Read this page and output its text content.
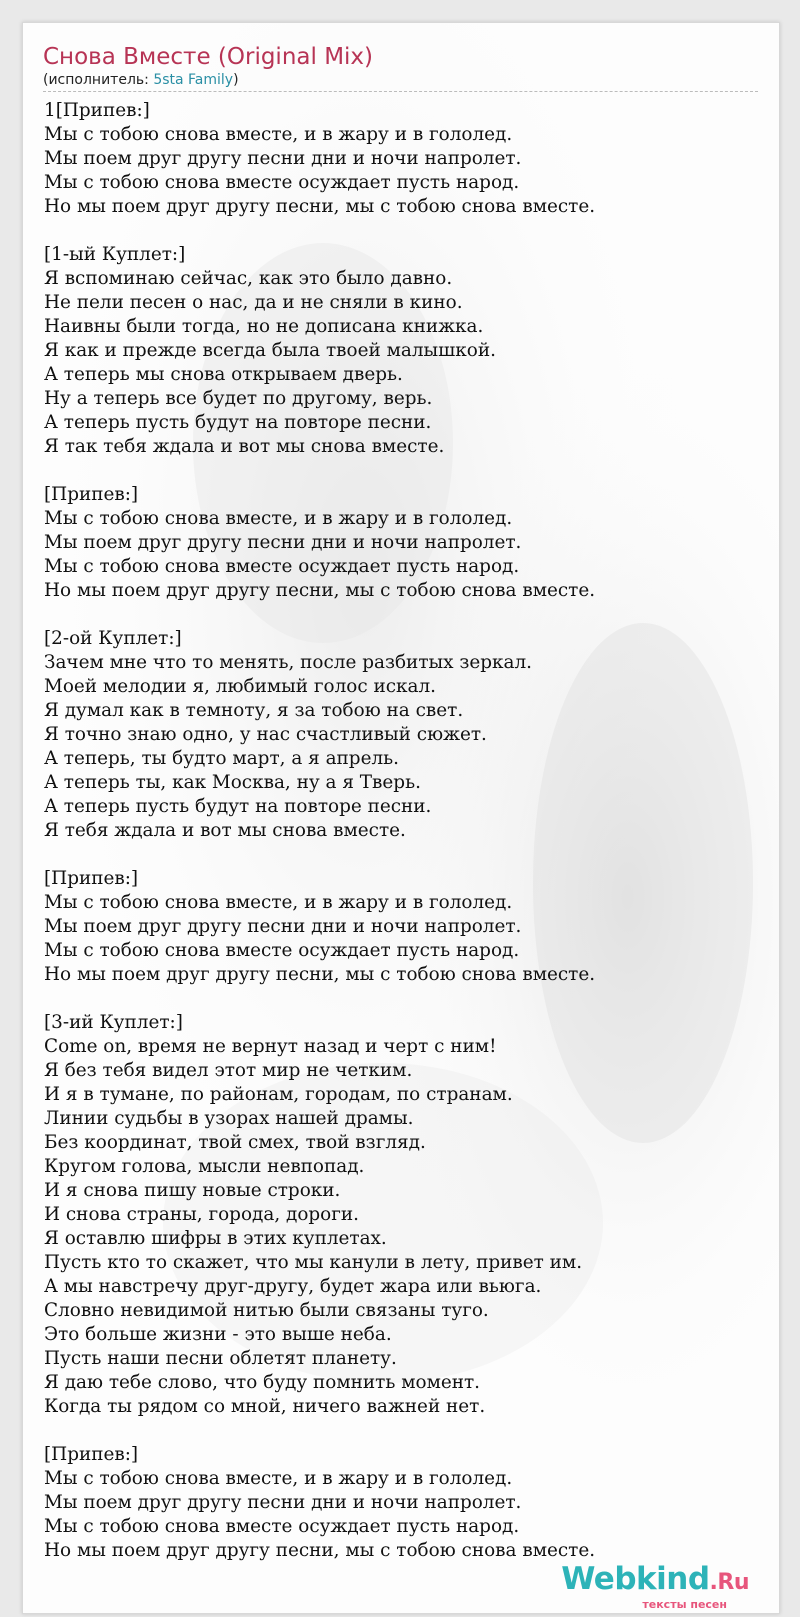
Снова Вместе (Original Mix)
(исполнитель: 5sta Family)
1[Припев:]
Мы с тобою снова вместе, и в жару и в гололед.
Мы поем друг другу песни дни и ночи напролет.
Мы с тобою снова вместе осуждает пусть народ.
Но мы поем друг другу песни, мы с тобою снова вместе.
[1-ый Куплет:]
Я вспоминаю сейчас, как это было давно.
Не пели песен о нас, да и не сняли в кино.
Наивны были тогда, но не дописана книжка.
Я как и прежде всегда была твоей малышкой.
А теперь мы снова открываем дверь.
Ну а теперь все будет по другому, верь.
А теперь пусть будут на повторе песни.
Я так тебя ждала и вот мы снова вместе.
[Припев:]
Мы с тобою снова вместе, и в жару и в гололед.
Мы поем друг другу песни дни и ночи напролет.
Мы с тобою снова вместе осуждает пусть народ.
Но мы поем друг другу песни, мы с тобою снова вместе.
[2-ой Куплет:]
Зачем мне что то менять, после разбитых зеркал.
Моей мелодии я, любимый голос искал.
Я думал как в темноту, я за тобою на свет.
Я точно знаю одно, у нас счастливый сюжет.
А теперь, ты будто март, а я апрель.
А теперь ты, как Москва, ну а я Тверь.
А теперь пусть будут на повторе песни.
Я тебя ждала и вот мы снова вместе.
[Припев:]
Мы с тобою снова вместе, и в жару и в гололед.
Мы поем друг другу песни дни и ночи напролет.
Мы с тобою снова вместе осуждает пусть народ.
Но мы поем друг другу песни, мы с тобою снова вместе.
[3-ий Куплет:]
Come on, время не вернут назад и черт с ним!
Я без тебя видел этот мир не четким.
И я в тумане, по районам, городам, по странам.
Линии судьбы в узорах нашей драмы.
Без координат, твой смех, твой взгляд.
Кругом голова, мысли невпопад.
И я снова пишу новые строки.
И снова страны, города, дороги.
Я оставлю шифры в этих куплетах.
Пусть кто то скажет, что мы канули в лету, привет им.
А мы навстречу друг-другу, будет жара или вьюга.
Словно невидимой нитью были связаны туго.
Это больше жизни - это выше неба.
Пусть наши песни облетят планету.
Я даю тебе слово, что буду помнить момент.
Когда ты рядом со мной, ничего важней нет.
[Припев:]
Мы с тобою снова вместе, и в жару и в гололед.
Мы поем друг другу песни дни и ночи напролет.
Мы с тобою снова вместе осуждает пусть народ.
Но мы поем друг другу песни, мы с тобою снова вместе.
Webkind.Ru
тексты песен
